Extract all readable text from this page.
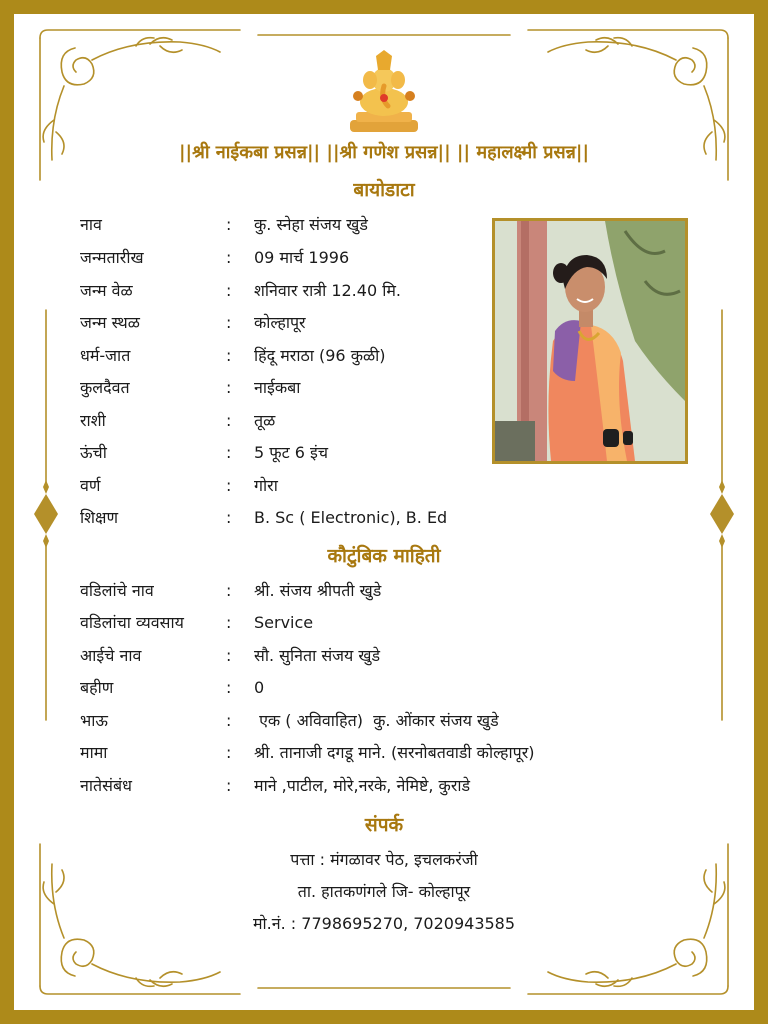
||श्री नाईकबा प्रसन्न|| ||श्री गणेश प्रसन्न|| || महालक्ष्मी प्रसन्न||
बायोडाटा
नाव	: कु. स्नेहा संजय खुडे
जन्मतारीख	: 09 मार्च 1996
जन्म वेळ	: शनिवार रात्री 12.40 मि.
जन्म स्थळ	: कोल्हापूर
धर्म-जात	: हिंदू मराठा (96 कुळी)
कुलदैवत	: नाईकबा
राशी	: तूळ
ऊंची	: 5 फूट 6 इंच
वर्ण	: गोरा
शिक्षण	: B. Sc ( Electronic), B. Ed
कौटुंबिक माहिती
वडिलांचे नाव	: श्री. संजय श्रीपती खुडे
वडिलांचा व्यवसाय	: Service
आईचे नाव	: सौ. सुनिता संजय खुडे
बहीण	: 0
भाऊ	: एक ( अविवाहित)  कु. ओंकार संजय खुडे
मामा	: श्री. तानाजी दगडू माने. (सरनोबतवाडी कोल्हापूर)
नातेसंबंध	: माने ,पाटील, मोरे,नरके, नेमिष्टे, कुराडे
संपर्क
पत्ता : मंगळावर पेठ, इचलकरंजी
ता. हातकणंगले जि- कोल्हापूर
मो.नं. : 7798695270, 7020943585
